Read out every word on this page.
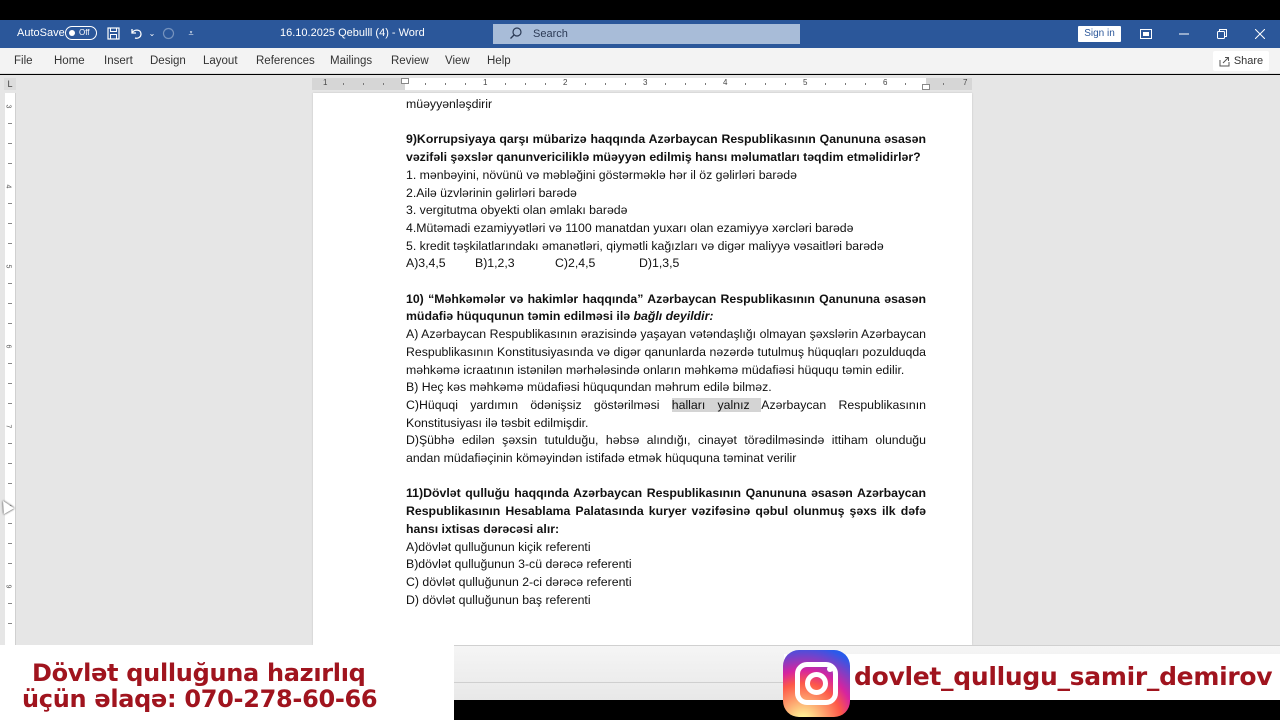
AutoSave	Off	⌄	⩡	16.10.2025 Qebulll (4) - Word	Search	Sign in
File Home Insert Design Layout References Mailings Review View Help	Share
L	1	1	2	3	4	5	6	7
3
4
5
6
7
8
9

müəyyənləşdirir

9)Korrupsiyaya qarşı mübarizə haqqında Azərbaycan Respublikasının Qanununa əsasən vəzifəli şəxslər qanunvericiliklə müəyyən edilmiş hansı məlumatları təqdim etməlidirlər?

1. mənbəyini, növünü və məbləğini göstərməklə hər il öz gəlirləri barədə

2.Ailə üzvlərinin gəlirləri barədə

3. vergitutma obyekti olan əmlakı barədə

4.Mütəmadi ezamiyyətləri və 1100 manatdan yuxarı olan ezamiyyə xərcləri barədə

5. kredit təşkilatlarındakı əmanətləri, qiymətli kağızları və digər maliyyə vəsaitləri barədə

A)3,4,5 B)1,2,3	C)2,4,5	D)1,3,5

10) “Məhkəmələr və hakimlər haqqında” Azərbaycan Respublikasının Qanununa əsasən müdafiə hüququnun təmin edilməsi ilə bağlı deyildir:

A) Azərbaycan Respublikasının ərazisində yaşayan vətəndaşlığı olmayan şəxslərin Azərbaycan Respublikasının Konstitusiyasında və digər qanunlarda nəzərdə tutulmuş hüquqları pozulduqda məhkəmə icraatının istənilən mərhələsində onların məhkəmə müdafiəsi hüququ təmin edilir.

B) Heç kəs məhkəmə müdafiəsi hüququndan məhrum edilə bilməz.

C)Hüquqi yardımın ödənişsiz göstərilməsi halları yalnız Azərbaycan Respublikasının Konstitusiyası ilə təsbit edilmişdir.

D)Şübhə edilən şəxsin tutulduğu, həbsə alındığı, cinayət törədilməsində ittiham olunduğu andan müdafiəçinin köməyindən istifadə etmək hüququna təminat verilir

11)Dövlət qulluğu haqqında Azərbaycan Respublikasının Qanununa əsasən Azərbaycan Respublikasının Hesablama Palatasında kuryer vəzifəsinə qəbul olunmuş şəxs ilk dəfə hansı ixtisas dərəcəsi alır:

A)dövlət qulluğunun kiçik referenti

B)dövlət qulluğunun 3-cü dərəcə referenti

C) dövlət qulluğunun 2-ci dərəcə referenti

D) dövlət qulluğunun baş referenti

Dövlət qulluğuna hazırlıq
üçün əlaqə: 070-278-60-66
dovlet_qullugu_samir_demirov
